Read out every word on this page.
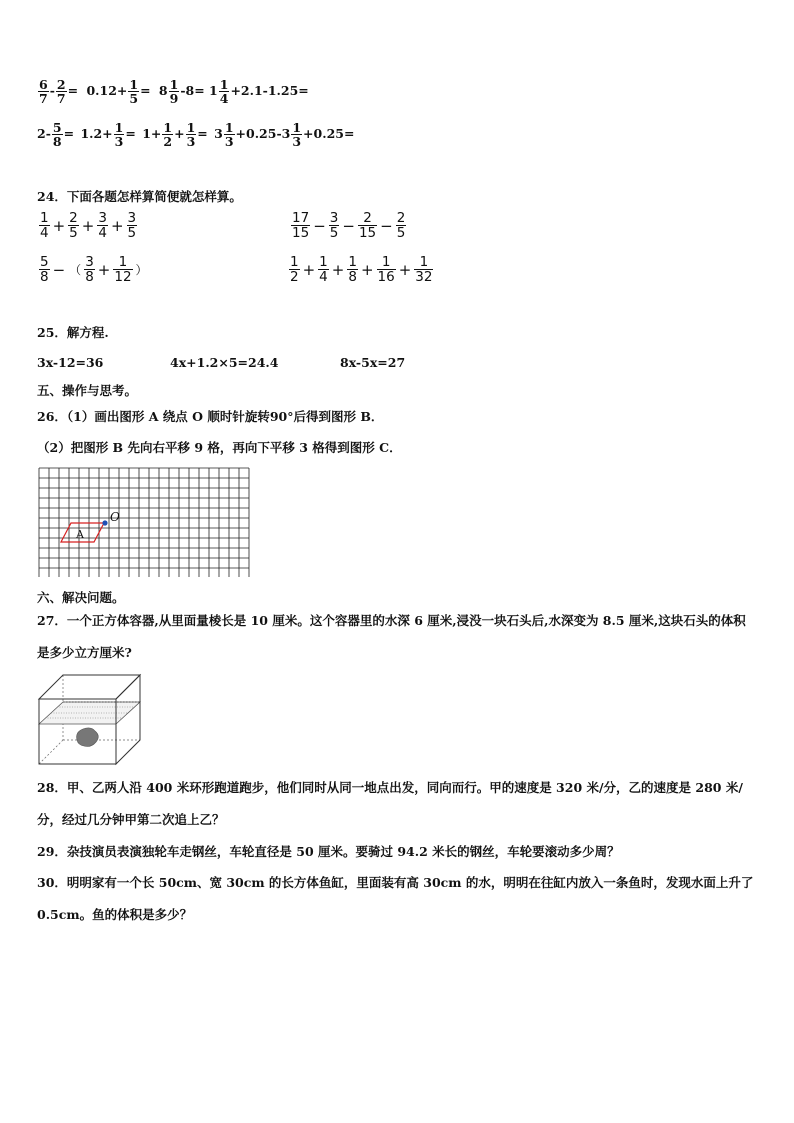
$\frac{6}{7} - \frac{2}{7} = 0.12+ \frac{1}{5} = 8 \frac{1}{9} -8= 1 \frac{1}{4} +2.1-1.25=$
$2- \frac{5}{8} = 1.2+ \frac{1}{3} = 1+ \frac{1}{2} + \frac{1}{3} = 3 \frac{1}{3} +0.25-3 \frac{1}{3} +0.25=$
24．下面各题怎样算简便就怎样算。
$\frac{1}{4} + \frac{2}{5} + \frac{3}{4} + \frac{3}{5}$	$\frac{17}{15} - \frac{3}{5} - \frac{2}{15} - \frac{2}{5}$
$\frac{5}{8}$ − （ $\frac{3}{8} + \frac{1}{12}$ ）	$\frac{1}{2} + \frac{1}{4} + \frac{1}{8} + \frac{1}{16} + \frac{1}{32}$
25．解方程.
3x-12=36	4x+1.2×5=24.4	8x-5x=27
五、操作与思考。
26．（1）画出图形 A 绕点 O 顺时针旋转90°后得到图形 B．
（2）把图形 B 先向右平移 9 格，再向下平移 3 格得到图形 C．
O
A
六、解决问题。
27．一个正方体容器,从里面量棱长是 10 厘米。这个容器里的水深 6 厘米,浸没一块石头后,水深变为 8.5 厘米,这块石头的体积是多少立方厘米?
28．甲、乙两人沿 400 米环形跑道跑步，他们同时从同一地点出发，同向而行。甲的速度是 320 米/分，乙的速度是 280 米/分，经过几分钟甲第二次追上乙？
29．杂技演员表演独轮车走钢丝，车轮直径是 50 厘米。要骑过 94.2 米长的钢丝，车轮要滚动多少周？
30．明明家有一个长 50cm、宽 30cm 的长方体鱼缸，里面装有高 30cm 的水，明明在往缸内放入一条鱼时，发现水面上升了 0.5cm。鱼的体积是多少？
